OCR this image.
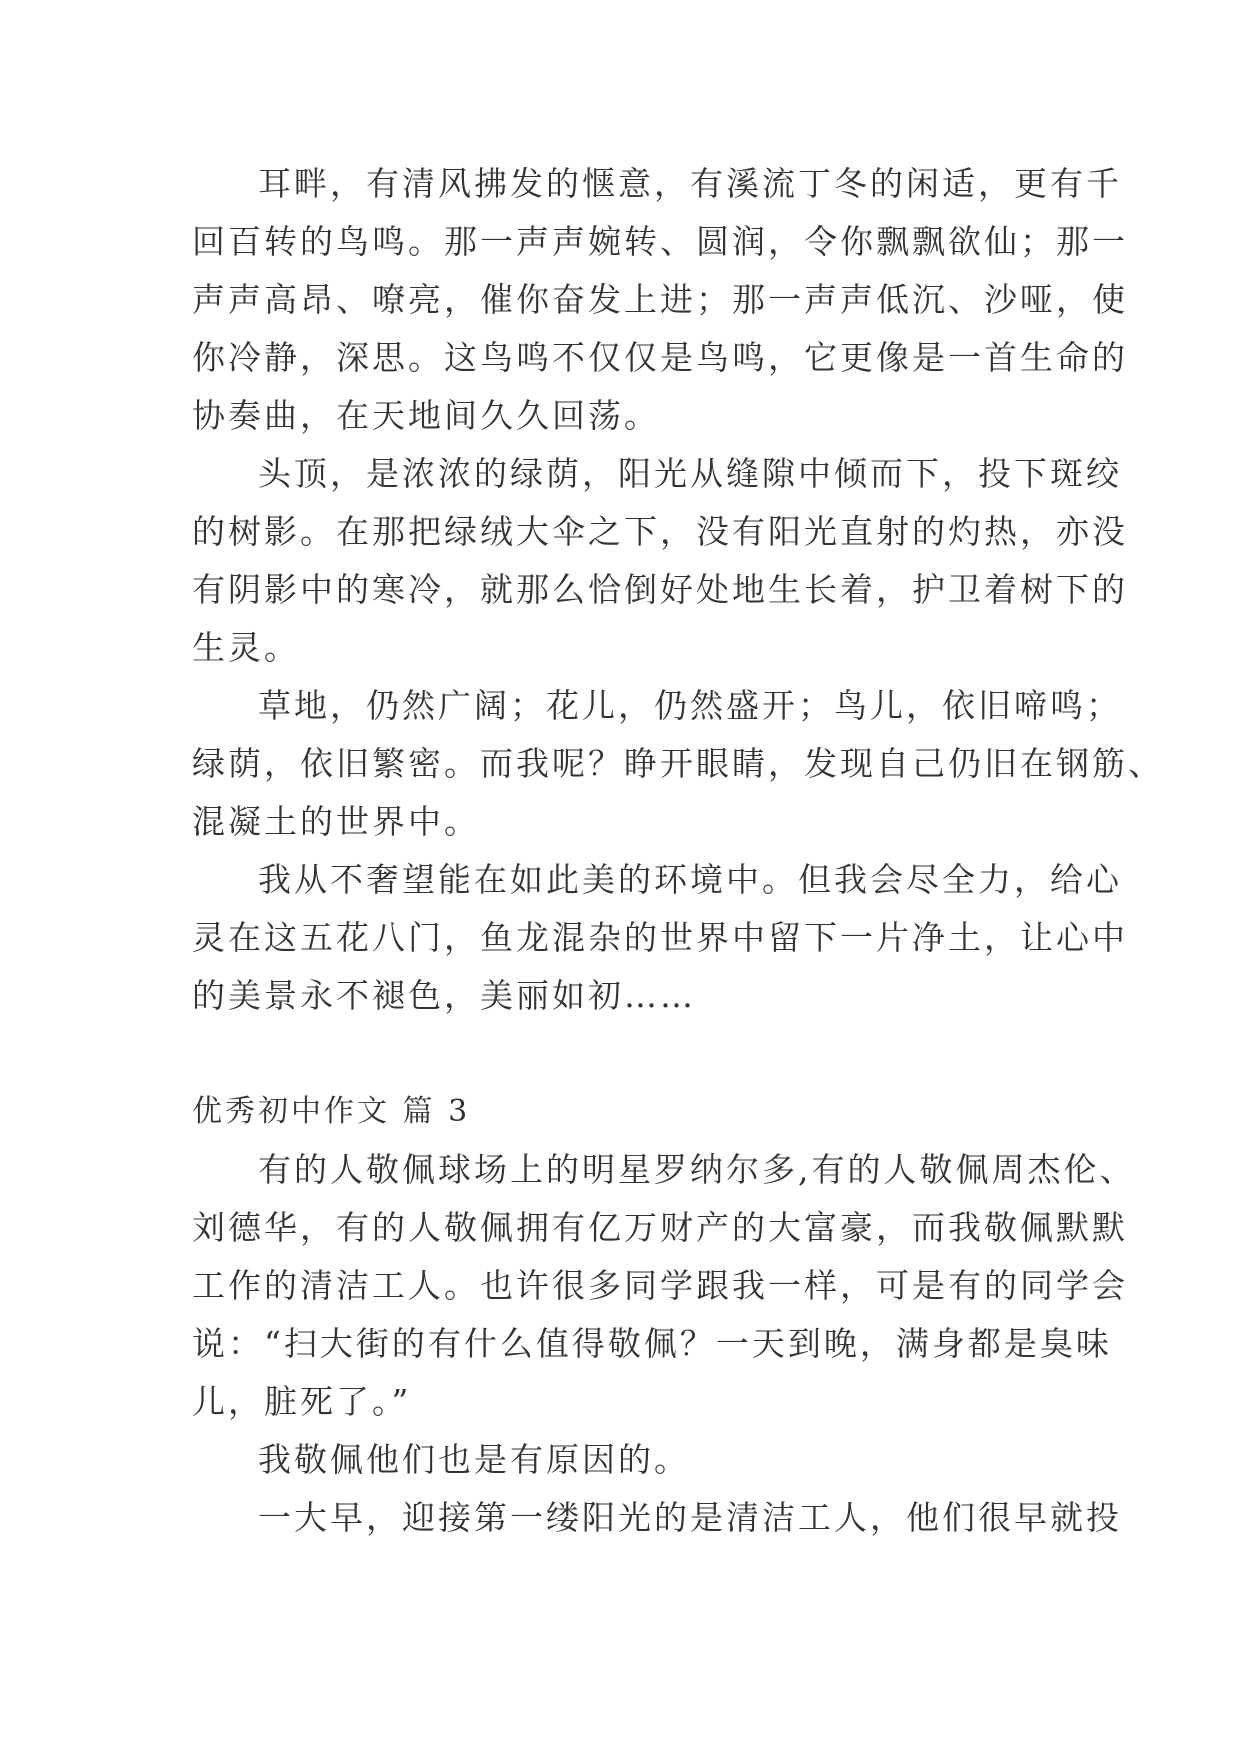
耳畔，有清风拂发的惬意，有溪流丁冬的闲适，更有千
回百转的鸟鸣。那一声声婉转、圆润，令你飘飘欲仙；那一
声声高昂、嘹亮，催你奋发上进；那一声声低沉、沙哑，使
你冷静，深思。这鸟鸣不仅仅是鸟鸣，它更像是一首生命的
协奏曲，在天地间久久回荡。
头顶，是浓浓的绿荫，阳光从缝隙中倾而下，投下斑绞
的树影。在那把绿绒大伞之下，没有阳光直射的灼热，亦没
有阴影中的寒冷，就那么恰倒好处地生长着，护卫着树下的
生灵。
草地，仍然广阔；花儿，仍然盛开；鸟儿，依旧啼鸣；
绿荫，依旧繁密。而我呢？睁开眼睛，发现自己仍旧在钢筋、
混凝土的世界中。
我从不奢望能在如此美的环境中。但我会尽全力，给心
灵在这五花八门，鱼龙混杂的世界中留下一片净土，让心中
的美景永不褪色，美丽如初……
优秀初中作文 篇 3
有的人敬佩球场上的明星罗纳尔多,有的人敬佩周杰伦、
刘德华，有的人敬佩拥有亿万财产的大富豪，而我敬佩默默
工作的清洁工人。也许很多同学跟我一样，可是有的同学会
说：“扫大街的有什么值得敬佩？一天到晚，满身都是臭味
儿，脏死了。”
我敬佩他们也是有原因的。
一大早，迎接第一缕阳光的是清洁工人，他们很早就投
